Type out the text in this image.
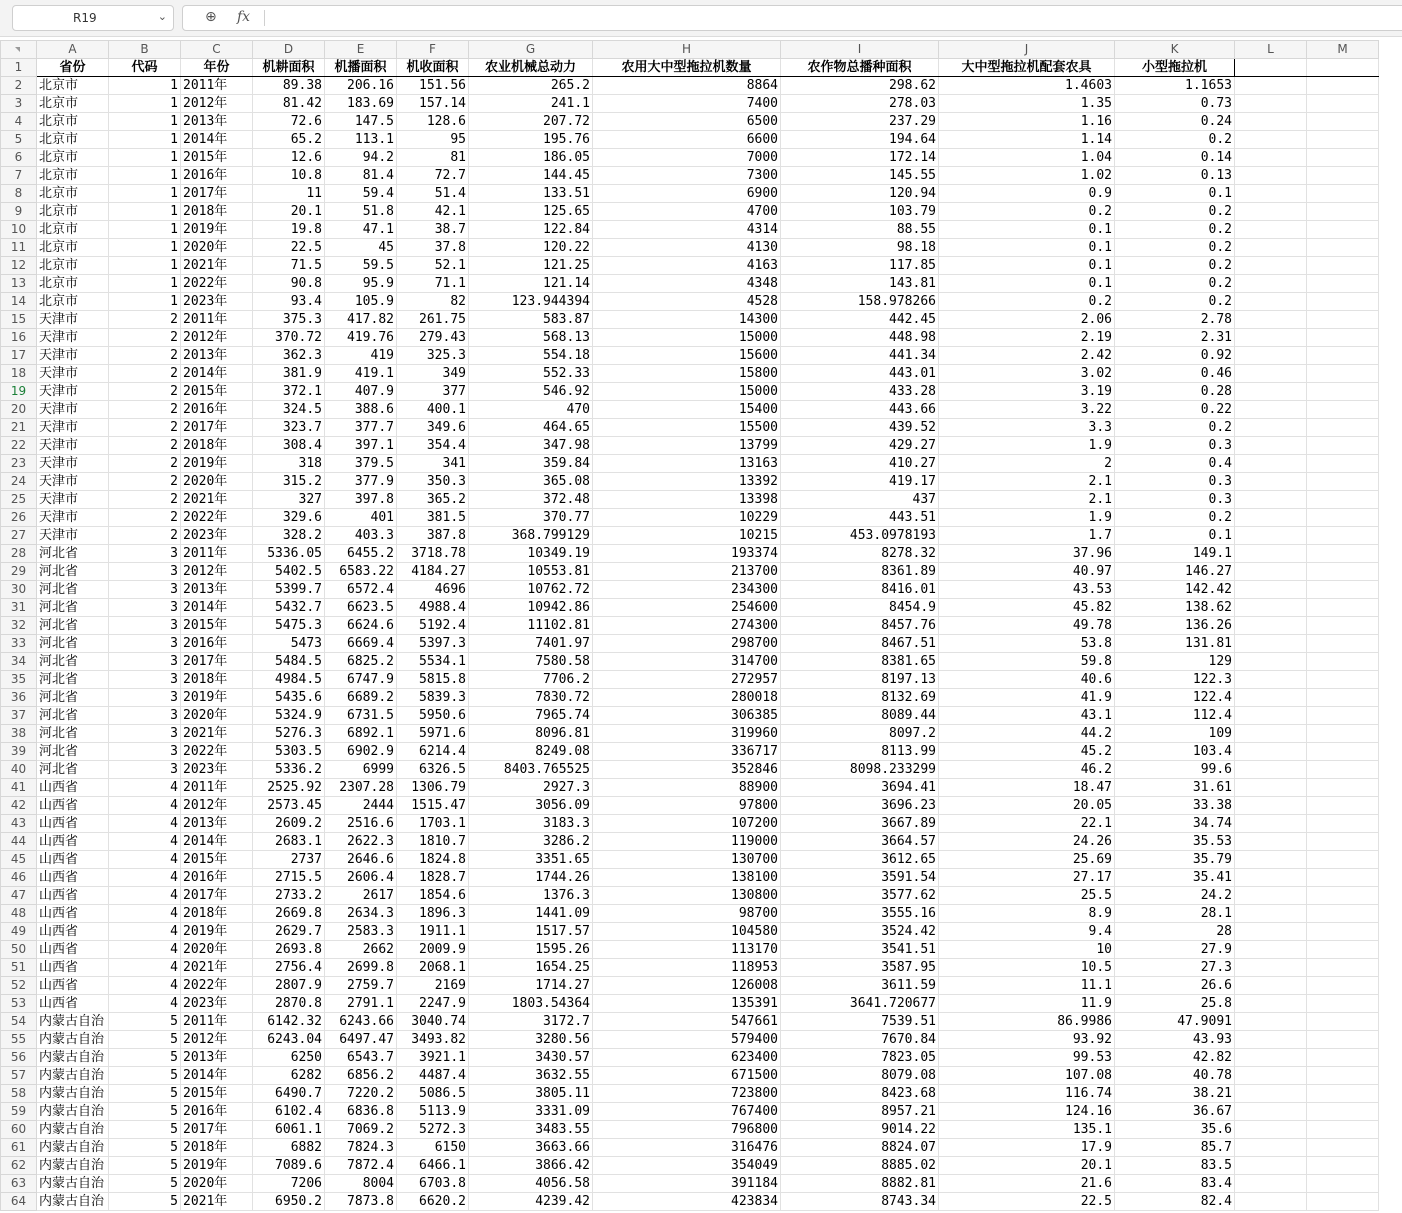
R19	⌄	⊕ fx
	A	B	C	D	E	F	G	H	I	J	K	L	M
1	省份	代码	年份	机耕面积	机播面积	机收面积	农业机械总动力	农用大中型拖拉机数量	农作物总播种面积	大中型拖拉机配套农具	小型拖拉机		
2	北京市	1	2011年	89.38	206.16	151.56	265.2	8864	298.62	1.4603	1.1653		
3	北京市	1	2012年	81.42	183.69	157.14	241.1	7400	278.03	1.35	0.73		
4	北京市	1	2013年	72.6	147.5	128.6	207.72	6500	237.29	1.16	0.24		
5	北京市	1	2014年	65.2	113.1	95	195.76	6600	194.64	1.14	0.2		
6	北京市	1	2015年	12.6	94.2	81	186.05	7000	172.14	1.04	0.14		
7	北京市	1	2016年	10.8	81.4	72.7	144.45	7300	145.55	1.02	0.13		
8	北京市	1	2017年	11	59.4	51.4	133.51	6900	120.94	0.9	0.1		
9	北京市	1	2018年	20.1	51.8	42.1	125.65	4700	103.79	0.2	0.2		
10	北京市	1	2019年	19.8	47.1	38.7	122.84	4314	88.55	0.1	0.2		
11	北京市	1	2020年	22.5	45	37.8	120.22	4130	98.18	0.1	0.2		
12	北京市	1	2021年	71.5	59.5	52.1	121.25	4163	117.85	0.1	0.2		
13	北京市	1	2022年	90.8	95.9	71.1	121.14	4348	143.81	0.1	0.2		
14	北京市	1	2023年	93.4	105.9	82	123.944394	4528	158.978266	0.2	0.2		
15	天津市	2	2011年	375.3	417.82	261.75	583.87	14300	442.45	2.06	2.78		
16	天津市	2	2012年	370.72	419.76	279.43	568.13	15000	448.98	2.19	2.31		
17	天津市	2	2013年	362.3	419	325.3	554.18	15600	441.34	2.42	0.92		
18	天津市	2	2014年	381.9	419.1	349	552.33	15800	443.01	3.02	0.46		
19	天津市	2	2015年	372.1	407.9	377	546.92	15000	433.28	3.19	0.28		
20	天津市	2	2016年	324.5	388.6	400.1	470	15400	443.66	3.22	0.22		
21	天津市	2	2017年	323.7	377.7	349.6	464.65	15500	439.52	3.3	0.2		
22	天津市	2	2018年	308.4	397.1	354.4	347.98	13799	429.27	1.9	0.3		
23	天津市	2	2019年	318	379.5	341	359.84	13163	410.27	2	0.4		
24	天津市	2	2020年	315.2	377.9	350.3	365.08	13392	419.17	2.1	0.3		
25	天津市	2	2021年	327	397.8	365.2	372.48	13398	437	2.1	0.3		
26	天津市	2	2022年	329.6	401	381.5	370.77	10229	443.51	1.9	0.2		
27	天津市	2	2023年	328.2	403.3	387.8	368.799129	10215	453.0978193	1.7	0.1		
28	河北省	3	2011年	5336.05	6455.2	3718.78	10349.19	193374	8278.32	37.96	149.1		
29	河北省	3	2012年	5402.5	6583.22	4184.27	10553.81	213700	8361.89	40.97	146.27		
30	河北省	3	2013年	5399.7	6572.4	4696	10762.72	234300	8416.01	43.53	142.42		
31	河北省	3	2014年	5432.7	6623.5	4988.4	10942.86	254600	8454.9	45.82	138.62		
32	河北省	3	2015年	5475.3	6624.6	5192.4	11102.81	274300	8457.76	49.78	136.26		
33	河北省	3	2016年	5473	6669.4	5397.3	7401.97	298700	8467.51	53.8	131.81		
34	河北省	3	2017年	5484.5	6825.2	5534.1	7580.58	314700	8381.65	59.8	129		
35	河北省	3	2018年	4984.5	6747.9	5815.8	7706.2	272957	8197.13	40.6	122.3		
36	河北省	3	2019年	5435.6	6689.2	5839.3	7830.72	280018	8132.69	41.9	122.4		
37	河北省	3	2020年	5324.9	6731.5	5950.6	7965.74	306385	8089.44	43.1	112.4		
38	河北省	3	2021年	5276.3	6892.1	5971.6	8096.81	319960	8097.2	44.2	109		
39	河北省	3	2022年	5303.5	6902.9	6214.4	8249.08	336717	8113.99	45.2	103.4		
40	河北省	3	2023年	5336.2	6999	6326.5	8403.765525	352846	8098.233299	46.2	99.6		
41	山西省	4	2011年	2525.92	2307.28	1306.79	2927.3	88900	3694.41	18.47	31.61		
42	山西省	4	2012年	2573.45	2444	1515.47	3056.09	97800	3696.23	20.05	33.38		
43	山西省	4	2013年	2609.2	2516.6	1703.1	3183.3	107200	3667.89	22.1	34.74		
44	山西省	4	2014年	2683.1	2622.3	1810.7	3286.2	119000	3664.57	24.26	35.53		
45	山西省	4	2015年	2737	2646.6	1824.8	3351.65	130700	3612.65	25.69	35.79		
46	山西省	4	2016年	2715.5	2606.4	1828.7	1744.26	138100	3591.54	27.17	35.41		
47	山西省	4	2017年	2733.2	2617	1854.6	1376.3	130800	3577.62	25.5	24.2		
48	山西省	4	2018年	2669.8	2634.3	1896.3	1441.09	98700	3555.16	8.9	28.1		
49	山西省	4	2019年	2629.7	2583.3	1911.1	1517.57	104580	3524.42	9.4	28		
50	山西省	4	2020年	2693.8	2662	2009.9	1595.26	113170	3541.51	10	27.9		
51	山西省	4	2021年	2756.4	2699.8	2068.1	1654.25	118953	3587.95	10.5	27.3		
52	山西省	4	2022年	2807.9	2759.7	2169	1714.27	126008	3611.59	11.1	26.6		
53	山西省	4	2023年	2870.8	2791.1	2247.9	1803.54364	135391	3641.720677	11.9	25.8		
54	内蒙古自治	5	2011年	6142.32	6243.66	3040.74	3172.7	547661	7539.51	86.9986	47.9091		
55	内蒙古自治	5	2012年	6243.04	6497.47	3493.82	3280.56	579400	7670.84	93.92	43.93		
56	内蒙古自治	5	2013年	6250	6543.7	3921.1	3430.57	623400	7823.05	99.53	42.82		
57	内蒙古自治	5	2014年	6282	6856.2	4487.4	3632.55	671500	8079.08	107.08	40.78		
58	内蒙古自治	5	2015年	6490.7	7220.2	5086.5	3805.11	723800	8423.68	116.74	38.21		
59	内蒙古自治	5	2016年	6102.4	6836.8	5113.9	3331.09	767400	8957.21	124.16	36.67		
60	内蒙古自治	5	2017年	6061.1	7069.2	5272.3	3483.55	796800	9014.22	135.1	35.6		
61	内蒙古自治	5	2018年	6882	7824.3	6150	3663.66	316476	8824.07	17.9	85.7		
62	内蒙古自治	5	2019年	7089.6	7872.4	6466.1	3866.42	354049	8885.02	20.1	83.5		
63	内蒙古自治	5	2020年	7206	8004	6703.8	4056.58	391184	8882.81	21.6	83.4		
64	内蒙古自治	5	2021年	6950.2	7873.8	6620.2	4239.42	423834	8743.34	22.5	82.4		
